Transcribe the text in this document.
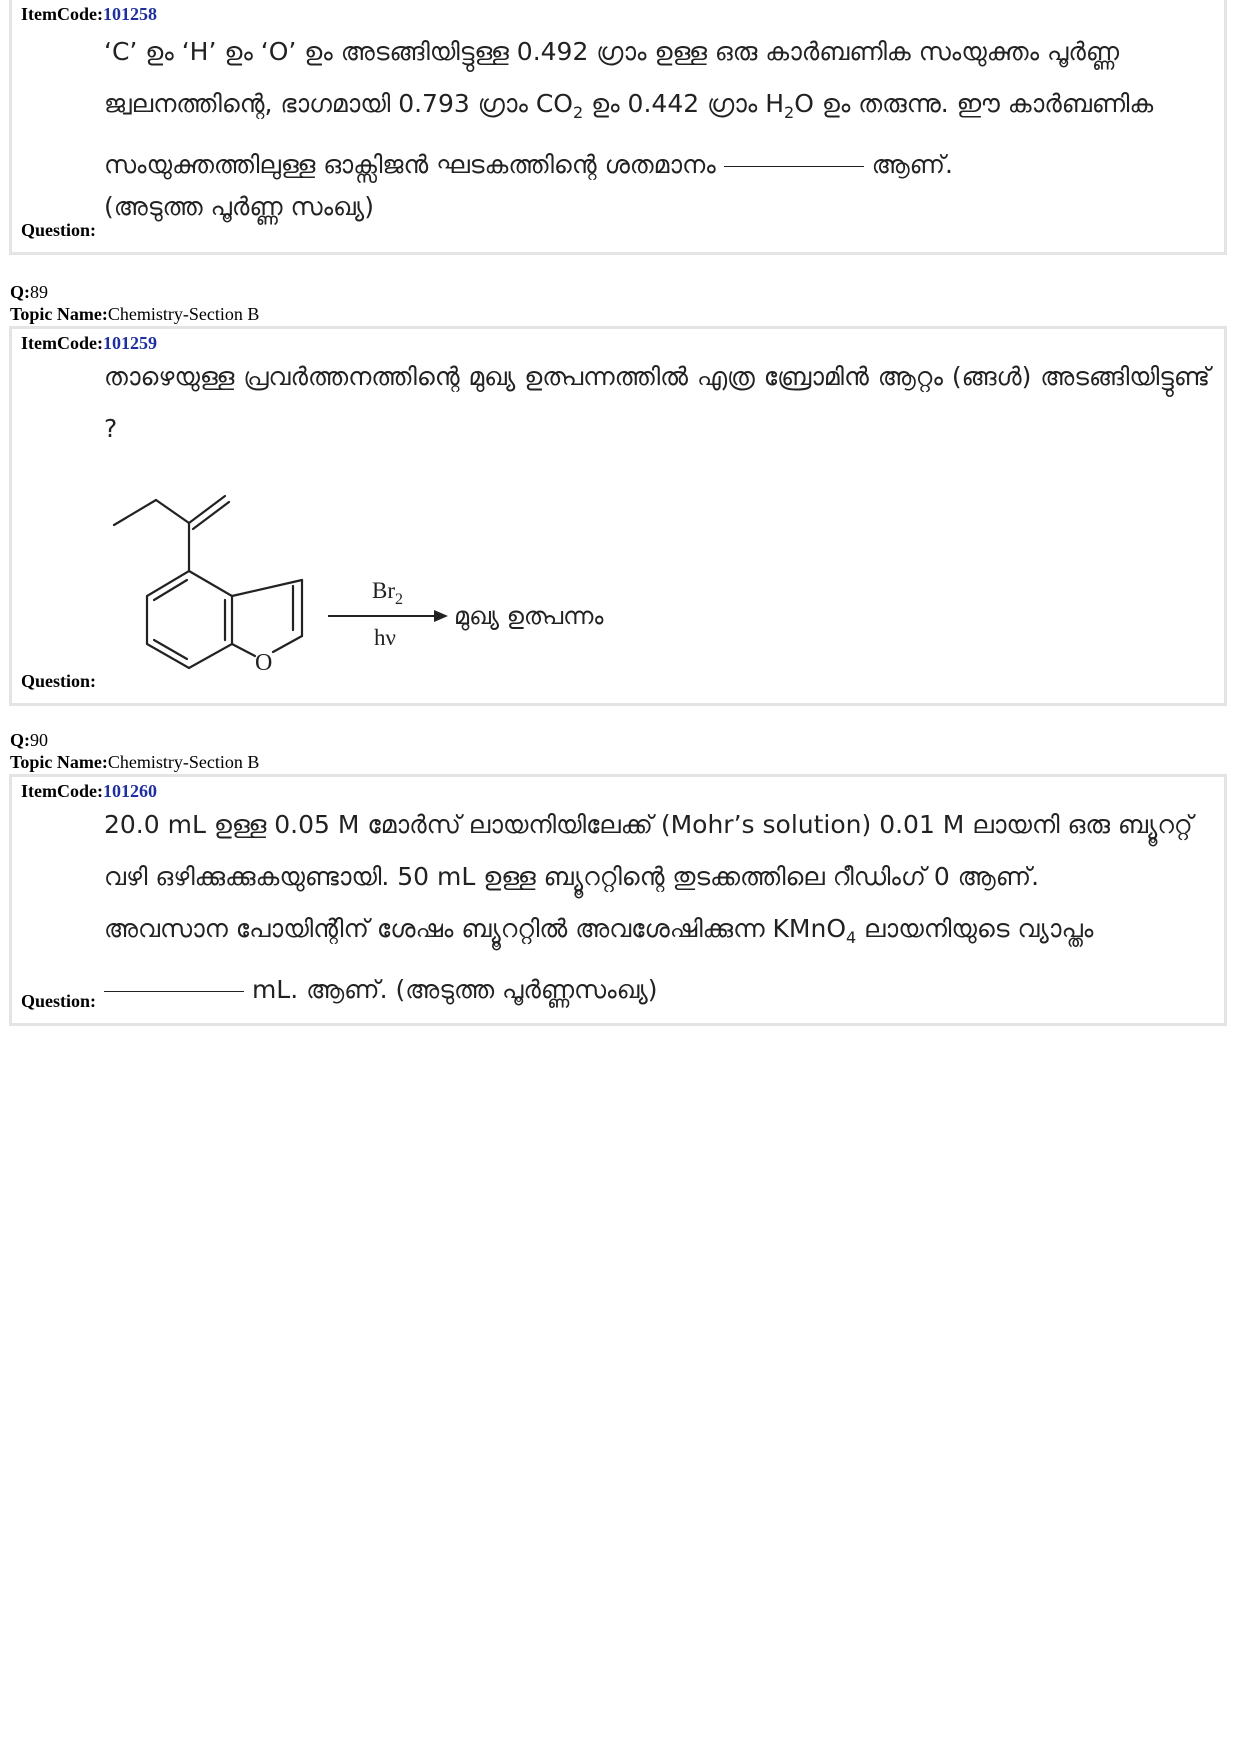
ItemCode:101258
‘C’ ഉം ‘H’ ഉം ‘O’ ഉം അടങ്ങിയിട്ടുള്ള 0.492 ഗ്രാം ഉള്ള ഒരു കാർബണിക സംയുക്തം പൂർണ്ണ
ജ്വലനത്തിന്റെ, ഭാഗമായി 0.793 ഗ്രാം $CO_2$ ഉം 0.442 ഗ്രാം $H_2O$ ഉം തരുന്നു. ഈ കാർബണിക
സംയുക്തത്തിലുള്ള ഓക്സിജൻ ഘടകത്തിന്റെ ശതമാനം	ആണ്.
(അടുത്ത പൂർണ്ണ സംഖ്യ)
Question:
Q:89
Topic Name:Chemistry-Section B
ItemCode:101259
താഴെയുള്ള പ്രവർത്തനത്തിന്റെ മുഖ്യ ഉത്പന്നത്തിൽ എത്ര ബ്രോമിൻ ആറ്റം (ങ്ങൾ) അടങ്ങിയിട്ടുണ്ട് ?
O
$Br_2$
hν
മുഖ്യ ഉത്പന്നം
Question:
Q:90
Topic Name:Chemistry-Section B
ItemCode:101260
20.0 mL ഉള്ള 0.05 M മോർസ് ലായനിയിലേക്ക് (Mohr’s solution) 0.01 M ലായനി ഒരു ബ്യൂററ്റ്
വഴി ഒഴിക്കുക്കുകയുണ്ടായി. 50 mL ഉള്ള ബ്യൂററ്റിന്റെ തുടക്കത്തിലെ റീഡിംഗ് 0 ആണ്.
അവസാന പോയിന്റിന് ശേഷം ബ്യൂററ്റിൽ അവശേഷിക്കുന്ന KMnO$_4$ ലായനിയുടെ വ്യാപ്തം
mL. ആണ്. (അടുത്ത പൂർണ്ണസംഖ്യ)
Question:
